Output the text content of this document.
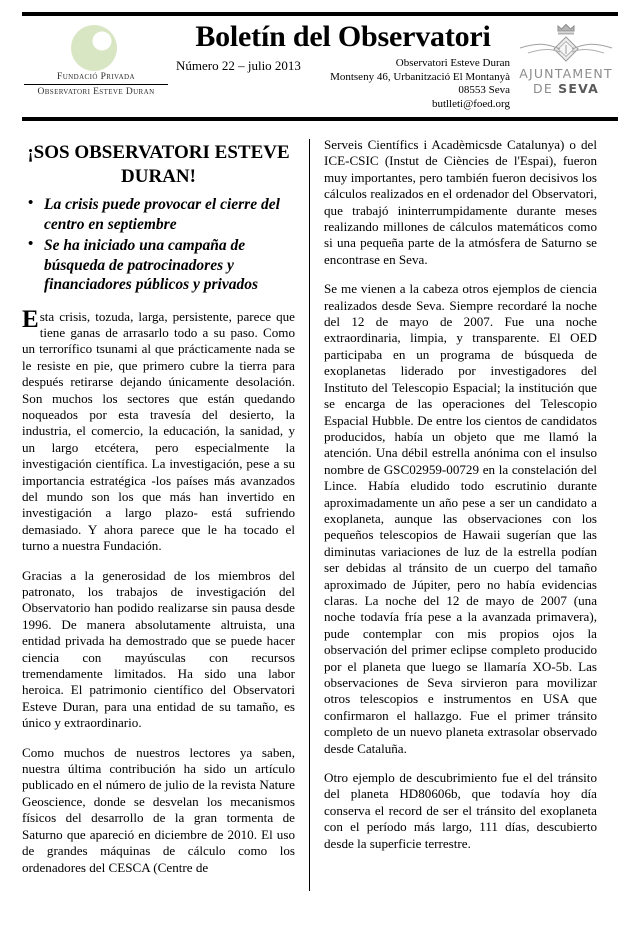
Fundació Privada
Observatori Esteve Duran
Boletín del Observatori
Número 22 – julio 2013	Observatori Esteve Duran
Montseny 46, Urbanització El Montanyà
08553 Seva
butlleti@foed.org
AJUNTAMENT
DE SEVA
¡SOS OBSERVATORI ESTEVE DURAN!
• La crisis puede provocar el cierre del centro en septiembre
• Se ha iniciado una campaña de búsqueda de patrocinadores y financiadores públicos y privados

Esta crisis, tozuda, larga, persistente, parece que tiene ganas de arrasarlo todo a su paso. Como un terrorífico tsunami al que prácticamente nada se le resiste en pie, que primero cubre la tierra para después retirarse dejando únicamente desolación. Son muchos los sectores que están quedando noqueados por esta travesía del desierto, la industria, el comercio, la educación, la sanidad, y un largo etcétera, pero especialmente la investigación científica. La investigación, pese a su importancia estratégica -los países más avanzados del mundo son los que más han invertido en investigación a largo plazo- está sufriendo demasiado. Y ahora parece que le ha tocado el turno a nuestra Fundación.

Gracias a la generosidad de los miembros del patronato, los trabajos de investigación del Observatorio han podido realizarse sin pausa desde 1996. De manera absolutamente altruista, una entidad privada ha demostrado que se puede hacer ciencia con mayúsculas con recursos tremendamente limitados. Ha sido una labor heroica. El patrimonio científico del Observatori Esteve Duran, para una entidad de su tamaño, es único y extraordinario.

Como muchos de nuestros lectores ya saben, nuestra última contribución ha sido un artículo publicado en el número de julio de la revista Nature Geoscience, donde se desvelan los mecanismos físicos del desarrollo de la gran tormenta de Saturno que apareció en diciembre de 2010. El uso de grandes máquinas de cálculo como los ordenadores del CESCA (Centre de

Serveis Científics i Acadèmicsde Catalunya) o del ICE-CSIC (Instut de Ciències de l'Espai), fueron muy importantes, pero también fueron decisivos los cálculos realizados en el ordenador del Observatori, que trabajó ininterrumpidamente durante meses realizando millones de cálculos matemáticos como si una pequeña parte de la atmósfera de Saturno se encontrase en Seva.

Se me vienen a la cabeza otros ejemplos de ciencia realizados desde Seva. Siempre recordaré la noche del 12 de mayo de 2007. Fue una noche extraordinaria, limpia, y transparente. El OED participaba en un programa de búsqueda de exoplanetas liderado por investigadores del Instituto del Telescopio Espacial; la institución que se encarga de las operaciones del Telescopio Espacial Hubble. De entre los cientos de candidatos producidos, había un objeto que me llamó la atención. Una débil estrella anónima con el insulso nombre de GSC02959-00729 en la constelación del Lince. Había eludido todo escrutinio durante aproximadamente un año pese a ser un candidato a exoplaneta, aunque las observaciones con los pequeños telescopios de Hawaii sugerían que las diminutas variaciones de luz de la estrella podían ser debidas al tránsito de un cuerpo del tamaño aproximado de Júpiter, pero no había evidencias claras. La noche del 12 de mayo de 2007 (una noche todavía fría pese a la avanzada primavera), pude contemplar con mis propios ojos la observación del primer eclipse completo producido por el planeta que luego se llamaría XO-5b. Las observaciones de Seva sirvieron para movilizar otros telescopios e instrumentos en USA que confirmaron el hallazgo. Fue el primer tránsito completo de un nuevo planeta extrasolar observado desde Cataluña.

Otro ejemplo de descubrimiento fue el del tránsito del planeta HD80606b, que todavía hoy día conserva el record de ser el tránsito del exoplaneta con el período más largo, 111 días, descubierto desde la superficie terrestre.
